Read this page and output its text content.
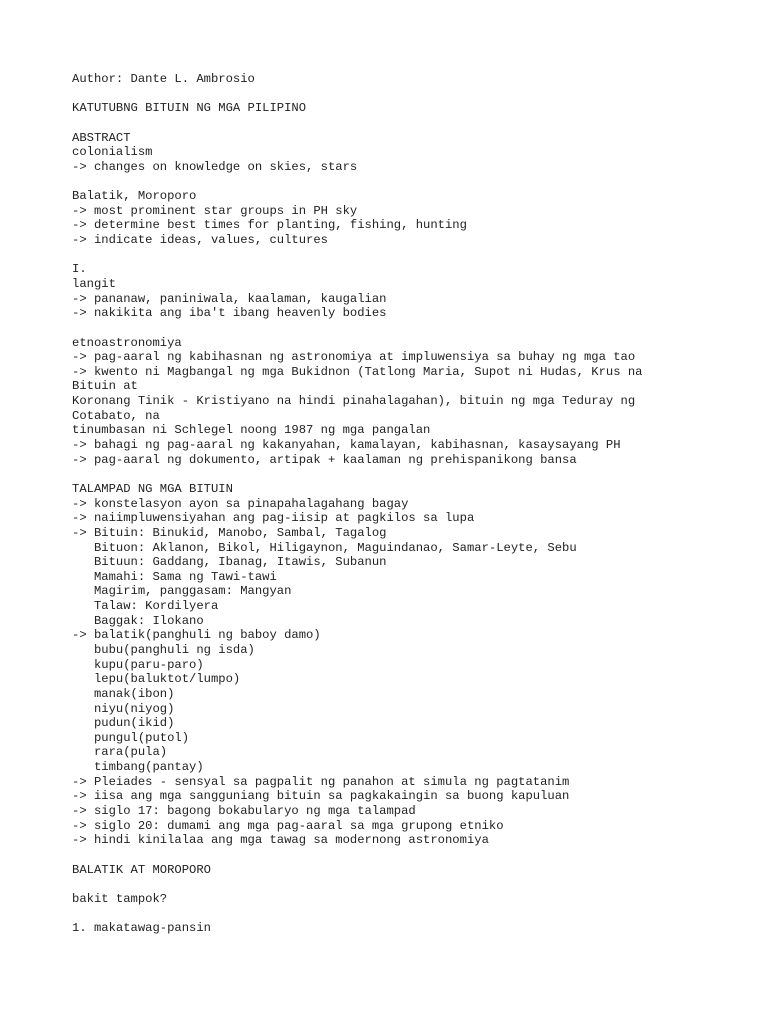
Author: Dante L. Ambrosio
KATUTUBNG BITUIN NG MGA PILIPINO
ABSTRACT
colonialism
-> changes on knowledge on skies, stars
Balatik, Moroporo
-> most prominent star groups in PH sky
-> determine best times for planting, fishing, hunting
-> indicate ideas, values, cultures
I.
langit
-> pananaw, paniniwala, kaalaman, kaugalian
-> nakikita ang iba't ibang heavenly bodies
etnoastronomiya
-> pag-aaral ng kabihasnan ng astronomiya at impluwensiya sa buhay ng mga tao
-> kwento ni Magbangal ng mga Bukidnon (Tatlong Maria, Supot ni Hudas, Krus na
Bituin at
Koronang Tinik - Kristiyano na hindi pinahalagahan), bituin ng mga Teduray ng
Cotabato, na
tinumbasan ni Schlegel noong 1987 ng mga pangalan
-> bahagi ng pag-aaral ng kakanyahan, kamalayan, kabihasnan, kasaysayang PH
-> pag-aaral ng dokumento, artipak + kaalaman ng prehispanikong bansa
TALAMPAD NG MGA BITUIN
-> konstelasyon ayon sa pinapahalagahang bagay
-> naiimpluwensiyahan ang pag-iisip at pagkilos sa lupa
-> Bituin: Binukid, Manobo, Sambal, Tagalog
Bituon: Aklanon, Bikol, Hiligaynon, Maguindanao, Samar-Leyte, Sebu
Bituun: Gaddang, Ibanag, Itawis, Subanun
Mamahi: Sama ng Tawi-tawi
Magirim, panggasam: Mangyan
Talaw: Kordilyera
Baggak: Ilokano
-> balatik(panghuli ng baboy damo)
bubu(panghuli ng isda)
kupu(paru-paro)
lepu(baluktot/lumpo)
manak(ibon)
niyu(niyog)
pudun(ikid)
pungul(putol)
rara(pula)
timbang(pantay)
-> Pleiades - sensyal sa pagpalit ng panahon at simula ng pagtatanim
-> iisa ang mga sangguniang bituin sa pagkakaingin sa buong kapuluan
-> siglo 17: bagong bokabularyo ng mga talampad
-> siglo 20: dumami ang mga pag-aaral sa mga grupong etniko
-> hindi kinilalaa ang mga tawag sa modernong astronomiya
BALATIK AT MOROPORO
bakit tampok?
1. makatawag-pansin
